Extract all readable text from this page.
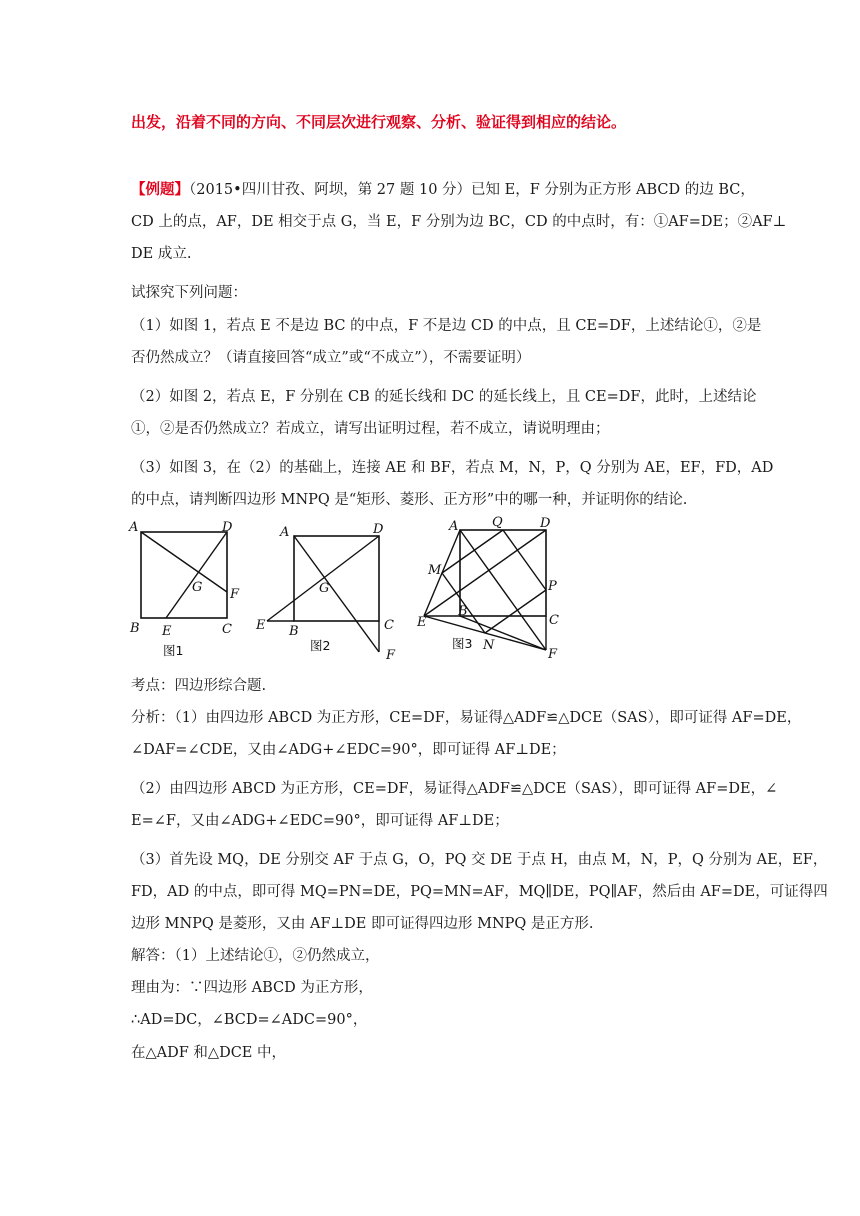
出发，沿着不同的方向、不同层次进行观察、分析、验证得到相应的结论。
【例题】（2015•四川甘孜、阿坝，第 27 题 10 分）已知 E，F 分别为正方形 ABCD 的边 BC，
CD 上的点，AF，DE 相交于点 G，当 E，F 分别为边 BC，CD 的中点时，有：①AF=DE；②AF⊥
DE 成立.
试探究下列问题：
（1）如图 1，若点 E 不是边 BC 的中点，F 不是边 CD 的中点，且 CE=DF，上述结论①，②是
否仍然成立？（请直接回答“成立”或“不成立”），不需要证明）
（2）如图 2，若点 E，F 分别在 CB 的延长线和 DC 的延长线上，且 CE=DF，此时，上述结论
①，②是否仍然成立？若成立，请写出证明过程，若不成立，请说明理由；
（3）如图 3，在（2）的基础上，连接 AE 和 BF，若点 M，N，P，Q 分别为 AE，EF，FD，AD
的中点，请判断四边形 MNPQ 是“矩形、菱形、正方形”中的哪一种，并证明你的结论.
A	D
G F
B E	C
图1
A	D
G
E B	C
F
图2
A	Q	D
M
P
B
C
E
N
F
图3
考点：四边形综合题.
分析：（1）由四边形 ABCD 为正方形，CE=DF，易证得△ADF≌△DCE（SAS），即可证得 AF=DE，
∠DAF=∠CDE，又由∠ADG+∠EDC=90°，即可证得 AF⊥DE；
（2）由四边形 ABCD 为正方形，CE=DF，易证得△ADF≌△DCE（SAS），即可证得 AF=DE，∠
E=∠F，又由∠ADG+∠EDC=90°，即可证得 AF⊥DE；
（3）首先设 MQ，DE 分别交 AF 于点 G，O，PQ 交 DE 于点 H，由点 M，N，P，Q 分别为 AE，EF，
FD，AD 的中点，即可得 MQ=PN=DE，PQ=MN=AF，MQ∥DE，PQ∥AF，然后由 AF=DE，可证得四
边形 MNPQ 是菱形，又由 AF⊥DE 即可证得四边形 MNPQ 是正方形.
解答：（1）上述结论①，②仍然成立，
理由为：∵四边形 ABCD 为正方形，
∴AD=DC，∠BCD=∠ADC=90°，
在△ADF 和△DCE 中，
